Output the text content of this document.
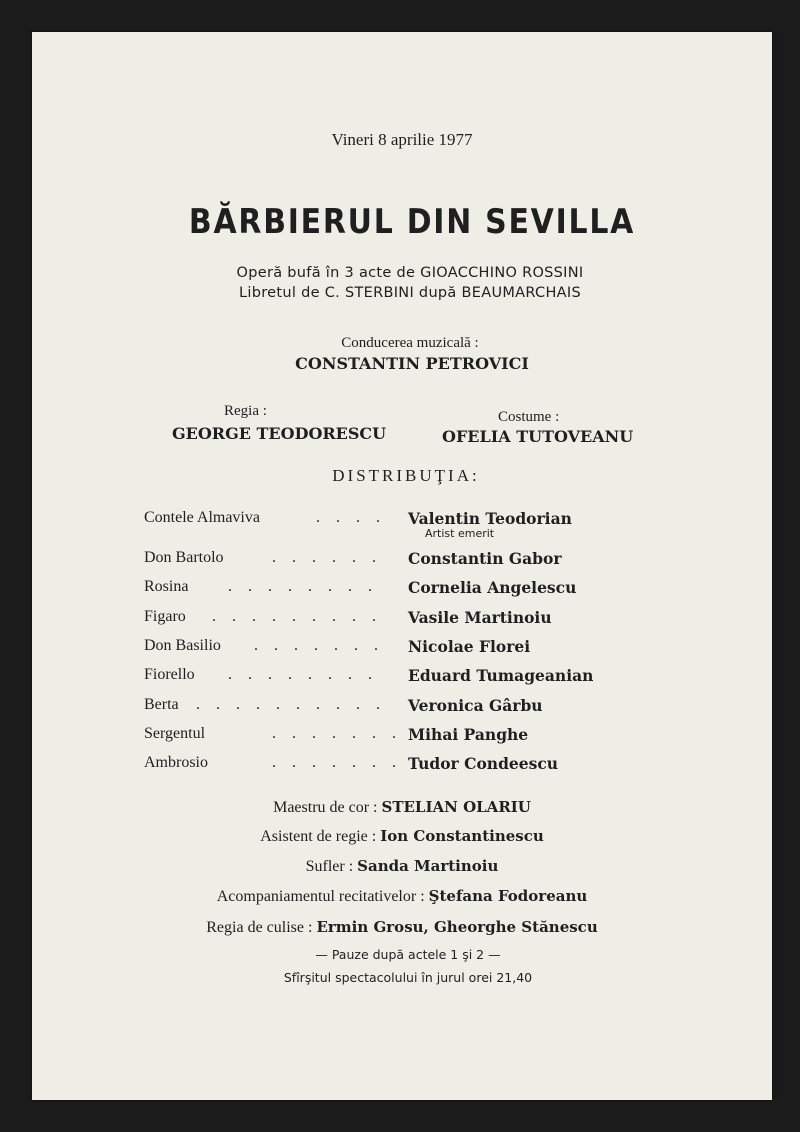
Vineri 8 aprilie 1977
BĂRBIERUL DIN SEVILLA
Operă bufă în 3 acte de GIOACCHINO ROSSINI
Libretul de C. STERBINI după BEAUMARCHAIS
Conducerea muzicală :
CONSTANTIN PETROVICI
Regia :
GEORGE TEODORESCU
Costume :
OFELIA TUTOVEANU
DISTRIBUŢIA:
Contele Almaviva	. . . . Valentin Teodorian
Artist emerit
Don Bartolo	. . . . . . Constantin Gabor
Rosina . . . . . . . . Cornelia Angelescu
Figaro . . . . . . . . . Vasile Martinoiu
Don Basilio . . . . . . . Nicolae Florei
Fiorello . . . . . . . . Eduard Tumageanian
Berta . . . . . . . . . . Veronica Gârbu
Sergentul	. . . . . . . Mihai Panghe
Ambrosio	. . . . . . . Tudor Condeescu
Maestru de cor : STELIAN OLARIU
Asistent de regie : Ion Constantinescu
Sufler : Sanda Martinoiu
Acompaniamentul recitativelor : Ştefana Fodoreanu
Regia de culise : Ermin Grosu, Gheorghe Stănescu
— Pauze după actele 1 şi 2 —
Sfîrşitul spectacolului în jurul orei 21,40
